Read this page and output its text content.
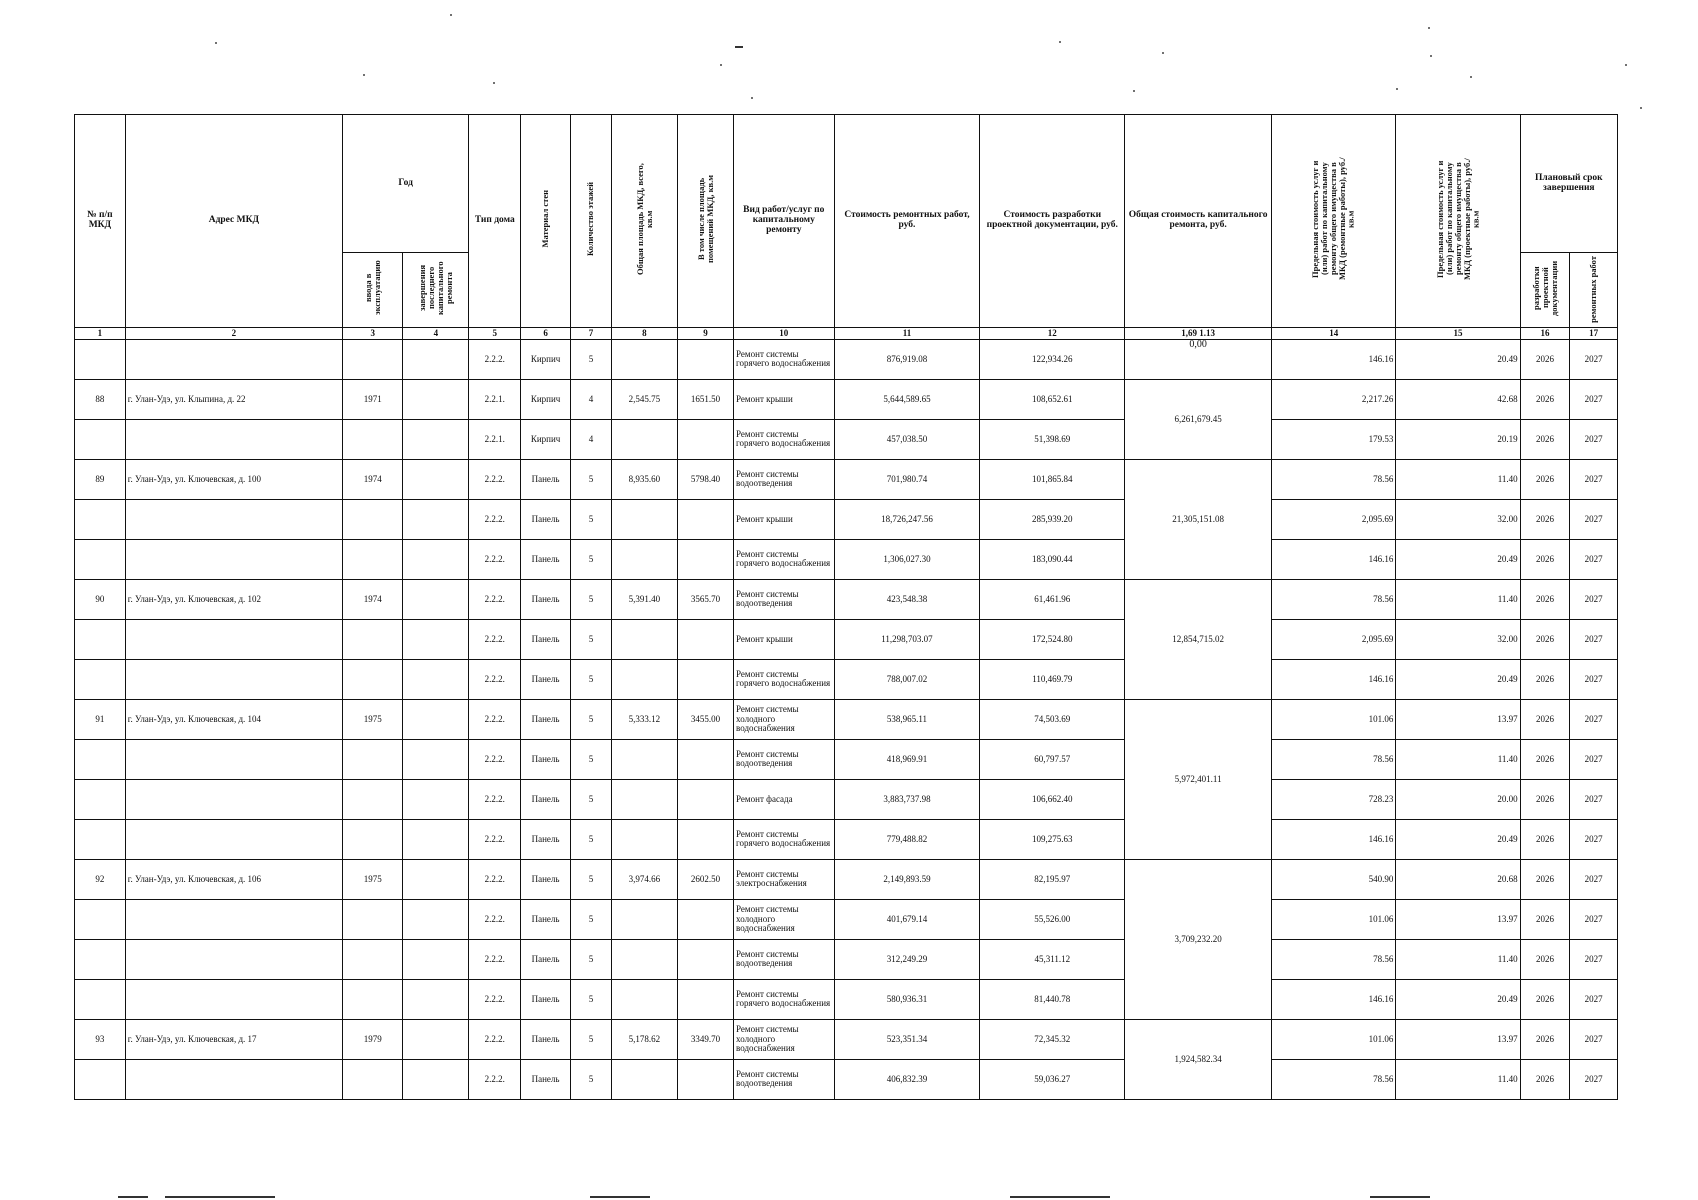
№ п/п МКД	Адрес МКД	Год		Тип дома	Материал стен	Количество этажей	Общая площадь МКД, всего, кв.м	В том числе площадь помещений МКД, кв.м	Вид работ/услуг по капитальному ремонту	Стоимость ремонтных работ, руб.	Стоимость разработки проектной документации, руб.	Общая стоимость капитального ремонта, руб.	Предельная стоимость услуг и (или) работ по капитальному ремонту общего имущества в МКД (ремонтные работы), руб./кв.м	Предельная стоимость услуг и (или) работ по капитальному ремонту общего имущества в МКД (проектные работы), руб./кв.м	Плановый срок завершения	
		ввода в эксплуатацию	завершения последнего капитального ремонта												разработки проектной документации	ремонтных работ
1	2	3	4	5	6	7	8	9	10	11	12	1,69 1.13	14	15	16	17
				2.2.2.	Кирпич	5			Ремонт системы горячего водоснабжения	876,919.08	122,934.26	0,00	146.16	20.49	2026	2027
88	г. Улан-Удэ, ул. Клыпина, д. 22	1971		2.2.1.	Кирпич	4	2,545.75	1651.50	Ремонт крыши	5,644,589.65	108,652.61	6,261,679.45	2,217.26	42.68	2026	2027
				2.2.1.	Кирпич	4			Ремонт системы горячего водоснабжения	457,038.50	51,398.69		179.53	20.19	2026	2027
89	г. Улан-Удэ, ул. Ключевская, д. 100	1974		2.2.2.	Панель	5	8,935.60	5798.40	Ремонт системы водоотведения	701,980.74	101,865.84	21,305,151.08	78.56	11.40	2026	2027
				2.2.2.	Панель	5			Ремонт крыши	18,726,247.56	285,939.20		2,095.69	32.00	2026	2027
				2.2.2.	Панель	5			Ремонт системы горячего водоснабжения	1,306,027.30	183,090.44		146.16	20.49	2026	2027
90	г. Улан-Удэ, ул. Ключевская, д. 102	1974		2.2.2.	Панель	5	5,391.40	3565.70	Ремонт системы водоотведения	423,548.38	61,461.96	12,854,715.02	78.56	11.40	2026	2027
				2.2.2.	Панель	5			Ремонт крыши	11,298,703.07	172,524.80		2,095.69	32.00	2026	2027
				2.2.2.	Панель	5			Ремонт системы горячего водоснабжения	788,007.02	110,469.79		146.16	20.49	2026	2027
91	г. Улан-Удэ, ул. Ключевская, д. 104	1975		2.2.2.	Панель	5	5,333.12	3455.00	Ремонт системы холодного водоснабжения	538,965.11	74,503.69	5,972,401.11	101.06	13.97	2026	2027
				2.2.2.	Панель	5			Ремонт системы водоотведения	418,969.91	60,797.57		78.56	11.40	2026	2027
				2.2.2.	Панель	5			Ремонт фасада	3,883,737.98	106,662.40		728.23	20.00	2026	2027
				2.2.2.	Панель	5			Ремонт системы горячего водоснабжения	779,488.82	109,275.63		146.16	20.49	2026	2027
92	г. Улан-Удэ, ул. Ключевская, д. 106	1975		2.2.2.	Панель	5	3,974.66	2602.50	Ремонт системы электроснабжения	2,149,893.59	82,195.97	3,709,232.20	540.90	20.68	2026	2027
				2.2.2.	Панель	5			Ремонт системы холодного водоснабжения	401,679.14	55,526.00		101.06	13.97	2026	2027
				2.2.2.	Панель	5			Ремонт системы водоотведения	312,249.29	45,311.12		78.56	11.40	2026	2027
				2.2.2.	Панель	5			Ремонт системы горячего водоснабжения	580,936.31	81,440.78		146.16	20.49	2026	2027
93	г. Улан-Удэ, ул. Ключевская, д. 17	1979		2.2.2.	Панель	5	5,178.62	3349.70	Ремонт системы холодного водоснабжения	523,351.34	72,345.32	1,924,582.34	101.06	13.97	2026	2027
				2.2.2.	Панель	5			Ремонт системы водоотведения	406,832.39	59,036.27		78.56	11.40	2026	2027
